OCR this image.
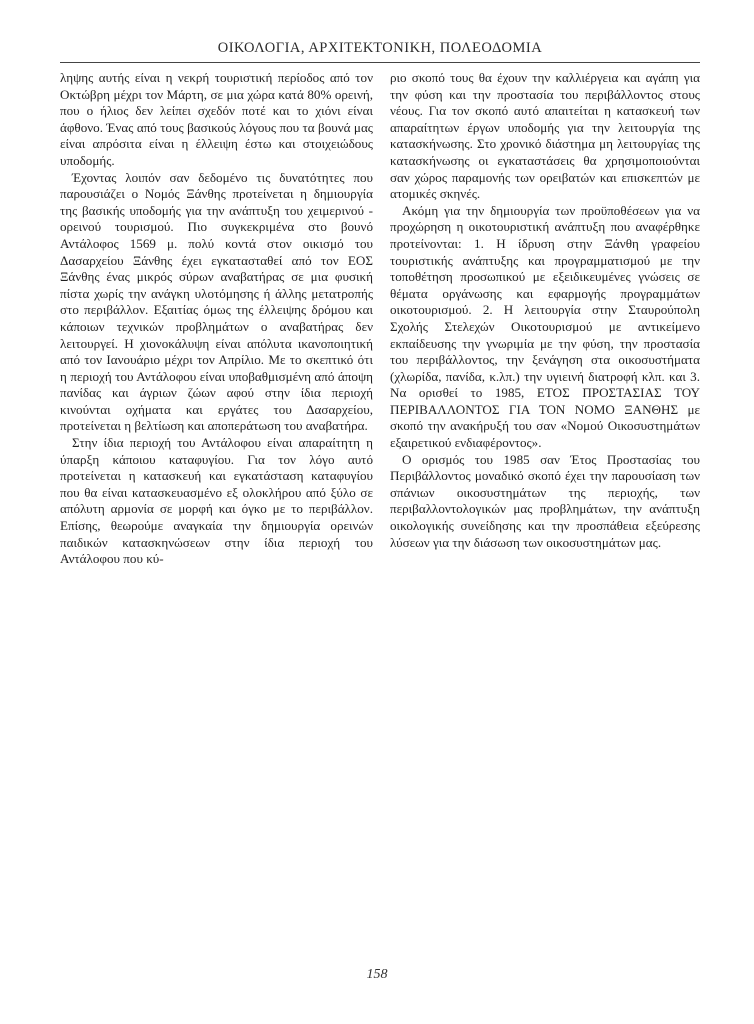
ΟΙΚΟΛΟΓΙΑ, ΑΡΧΙΤΕΚΤΟΝΙΚΗ, ΠΟΛΕΟΔΟΜΙΑ

ληψης αυτής είναι η νεκρή τουριστική περίοδος από τον Οκτώβρη μέχρι τον Μάρτη, σε μια χώρα κατά 80% ορεινή, που ο ήλιος δεν λείπει σχεδόν ποτέ και το χιόνι είναι άφθονο. Ένας από τους βασικούς λόγους που τα βουνά μας είναι απρόσιτα είναι η έλλειψη έστω και στοιχειώδους υποδομής.

Έχοντας λοιπόν σαν δεδομένο τις δυνατότητες που παρουσιάζει ο Νομός Ξάνθης προτείνεται η δημιουργία της βασικής υποδομής για την ανάπτυξη του χειμερινού - ορεινού τουρισμού. Πιο συγκεκριμένα στο βουνό Αντάλοφος 1569 μ. πολύ κοντά στον οικισμό του Δασαρχείου Ξάνθης έχει εγκατασταθεί από τον ΕΟΣ Ξάνθης ένας μικρός σύρων αναβατήρας σε μια φυσική πίστα χωρίς την ανάγκη υλοτόμησης ή άλλης μετατροπής στο περιβάλλον. Εξαιτίας όμως της έλλειψης δρόμου και κάποιων τεχνικών προβλημάτων ο αναβατήρας δεν λειτουργεί. Η χιονοκάλυψη είναι απόλυτα ικανοποιητική από τον Ιανουάριο μέχρι τον Απρίλιο. Με το σκεπτικό ότι η περιοχή του Αντάλοφου είναι υποβαθμισμένη από άποψη πανίδας και άγριων ζώων αφού στην ίδια περιοχή κινούνται οχήματα και εργάτες του Δασαρχείου, προτείνεται η βελτίωση και αποπεράτωση του αναβατήρα.

Στην ίδια περιοχή του Αντάλοφου είναι απαραίτητη η ύπαρξη κάποιου καταφυγίου. Για τον λόγο αυτό προτείνεται η κατασκευή και εγκατάσταση καταφυγίου που θα είναι κατασκευασμένο εξ ολοκλήρου από ξύλο σε απόλυτη αρμονία σε μορφή και όγκο με το περιβάλλον. Επίσης, θεωρούμε αναγκαία την δημιουργία ορεινών παιδικών κατασκηνώσεων στην ίδια περιοχή του Αντάλοφου που κύ-

ριο σκοπό τους θα έχουν την καλλιέργεια και αγάπη για την φύση και την προστασία του περιβάλλοντος στους νέους. Για τον σκοπό αυτό απαιτείται η κατασκευή των απαραίτητων έργων υποδομής για την λειτουργία της κατασκήνωσης. Στο χρονικό διάστημα μη λειτουργίας της κατασκήνωσης οι εγκαταστάσεις θα χρησιμοποιούνται σαν χώρος παραμονής των ορειβατών και επισκεπτών με ατομικές σκηνές.

Ακόμη για την δημιουργία των προϋποθέσεων για να προχώρηση η οικοτουριστική ανάπτυξη που αναφέρθηκε προτείνονται: 1. Η ίδρυση στην Ξάνθη γραφείου τουριστικής ανάπτυξης και προγραμματισμού με την τοποθέτηση προσωπικού με εξειδικευμένες γνώσεις σε θέματα οργάνωσης και εφαρμογής προγραμμάτων οικοτουρισμού. 2. Η λειτουργία στην Σταυρούπολη Σχολής Στελεχών Οικοτουρισμού με αντικείμενο εκπαίδευσης την γνωριμία με την φύση, την προστασία του περιβάλλοντος, την ξενάγηση στα οικοσυστήματα (χλωρίδα, πανίδα, κ.λπ.) την υγιεινή διατροφή κλπ. και 3. Να ορισθεί το 1985, ΕΤΟΣ ΠΡΟΣΤΑΣΙΑΣ ΤΟΥ ΠΕΡΙΒΑΛΛΟΝΤΟΣ ΓΙΑ ΤΟΝ ΝΟΜΟ ΞΑΝΘΗΣ με σκοπό την ανακήρυξή του σαν «Νομού Οικοσυστημάτων εξαιρετικού ενδιαφέροντος».

Ο ορισμός του 1985 σαν Έτος Προστασίας του Περιβάλλοντος μοναδικό σκοπό έχει την παρουσίαση των σπάνιων οικοσυστημάτων της περιοχής, των περιβαλλοντολογικών μας προβλημάτων, την ανάπτυξη οικολογικής συνείδησης και την προσπάθεια εξεύρεσης λύσεων για την διάσωση των οικοσυστημάτων μας.

158
